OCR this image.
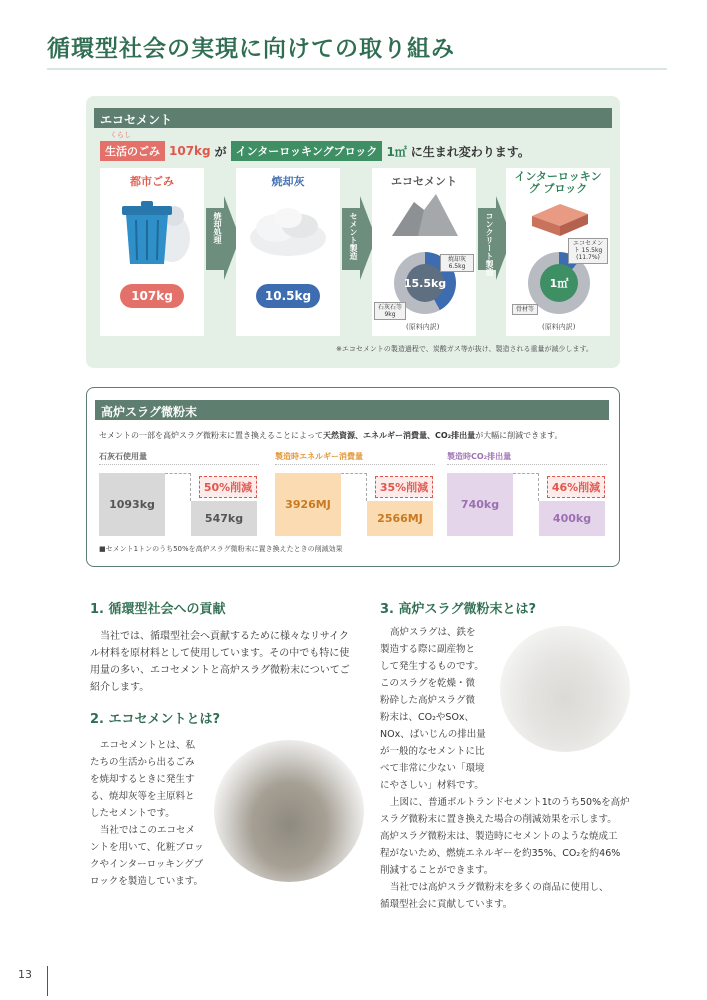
循環型社会の実現に向けての取り組み
エコセメント
くらし
生活のごみ 107kg が インターロッキングブロック 1㎡ に生まれ変わります。
都市ごみ
107kg
焼却処理
焼却灰
10.5kg
セメント製造
エコセメント
15.5kg
焼却灰 6.5kg
石灰石等 9kg
(原料内訳)
コンクリート製造
インターロッキング ブロック
1㎡
エコセメント 15.5kg (11.7%)
骨材等
(原料内訳)
※エコセメントの製造過程で、炭酸ガス等が抜け、製造される重量が減少します。
高炉スラグ微粉末
セメントの一部を高炉スラグ微粉末に置き換えることによって天然資源、エネルギー消費量、CO₂排出量が大幅に削減できます。
石灰石使用量
1093kg
50%削減
547kg
製造時エネルギー消費量
3926MJ
35%削減
2566MJ
製造時CO₂排出量
740kg
46%削減
400kg
■セメント1トンのうち50%を高炉スラグ微粉末に置き換えたときの削減効果
1. 循環型社会への貢献
当社では、循環型社会へ貢献するために様々なリサイク
ル材料を原材料として使用しています。その中でも特に使
用量の多い、エコセメントと高炉スラグ微粉末についてご
紹介します。
2. エコセメントとは?
エコセメントとは、私
たちの生活から出るごみ
を焼却するときに発生す
る、焼却灰等を主原料と
したセメントです。
当社ではこのエコセメ
ントを用いて、化粧ブロッ
クやインターロッキングブ
ロックを製造しています。
3. 高炉スラグ微粉末とは?
高炉スラグは、鉄を
製造する際に副産物と
して発生するものです。
このスラグを乾燥・微
粉砕した高炉スラグ微
粉末は、CO₂やSOx、
NOx、ばいじんの排出量
が一般的なセメントに比
べて非常に少ない「環境
にやさしい」材料です。
上図に、普通ポルトランドセメント1tのうち50%を高炉
スラグ微粉末に置き換えた場合の削減効果を示します。
高炉スラグ微粉末は、製造時にセメントのような焼成工
程がないため、燃焼エネルギーを約35%、CO₂を約46%
削減することができます。
当社では高炉スラグ微粉末を多くの商品に使用し、
循環型社会に貢献しています。
13
